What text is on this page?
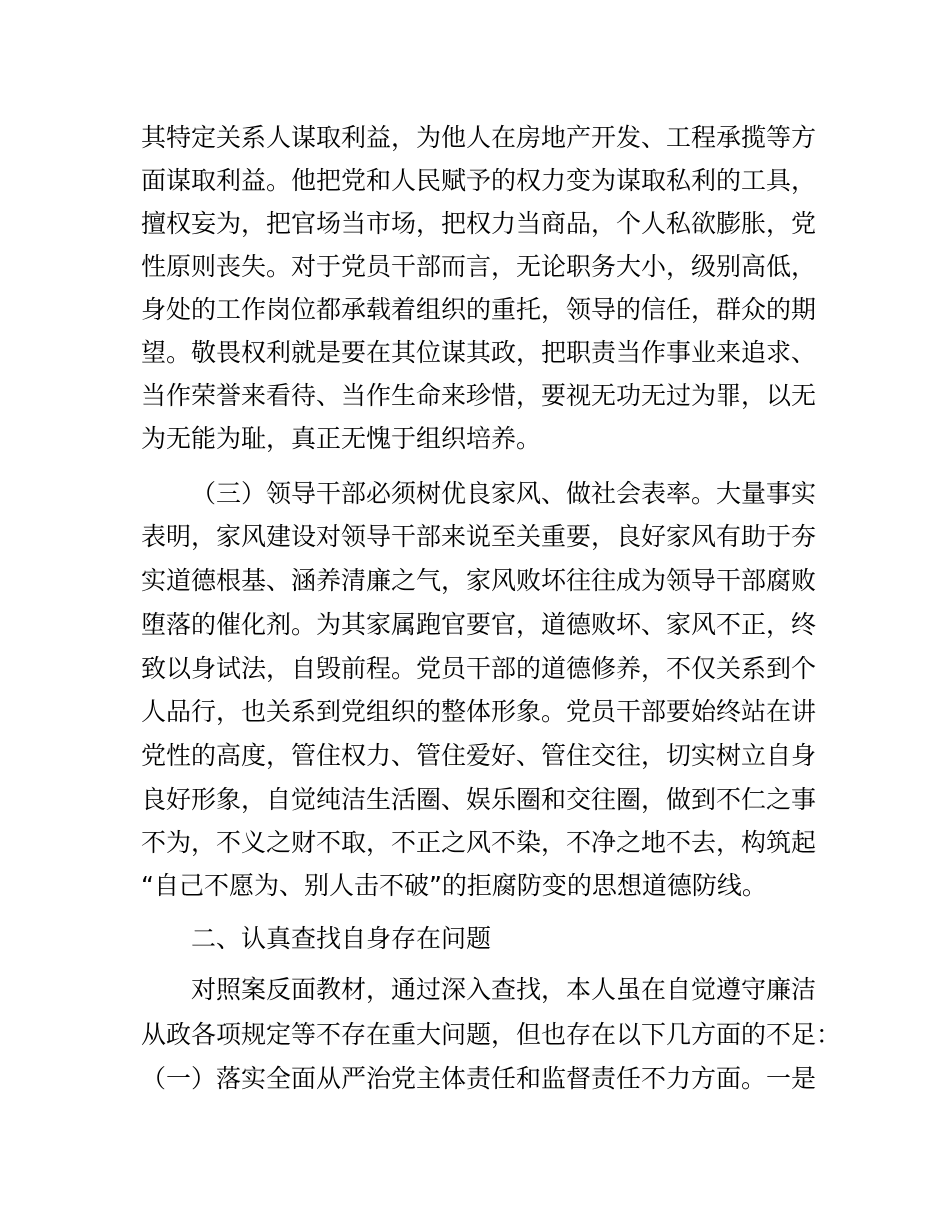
其特定关系人谋取利益，为他人在房地产开发、工程承揽等方
面谋取利益。他把党和人民赋予的权力变为谋取私利的工具，
擅权妄为，把官场当市场，把权力当商品，个人私欲膨胀，党
性原则丧失。对于党员干部而言，无论职务大小，级别高低，
身处的工作岗位都承载着组织的重托，领导的信任，群众的期
望。敬畏权利就是要在其位谋其政，把职责当作事业来追求、
当作荣誉来看待、当作生命来珍惜，要视无功无过为罪，以无
为无能为耻，真正无愧于组织培养。
（三）领导干部必须树优良家风、做社会表率。大量事实
表明，家风建设对领导干部来说至关重要，良好家风有助于夯
实道德根基、涵养清廉之气，家风败坏往往成为领导干部腐败
堕落的催化剂。为其家属跑官要官，道德败坏、家风不正，终
致以身试法，自毁前程。党员干部的道德修养，不仅关系到个
人品行，也关系到党组织的整体形象。党员干部要始终站在讲
党性的高度，管住权力、管住爱好、管住交往，切实树立自身
良好形象，自觉纯洁生活圈、娱乐圈和交往圈，做到不仁之事
不为，不义之财不取，不正之风不染，不净之地不去，构筑起
“自己不愿为、别人击不破”的拒腐防变的思想道德防线。
二、认真查找自身存在问题
对照案反面教材，通过深入查找，本人虽在自觉遵守廉洁
从政各项规定等不存在重大问题，但也存在以下几方面的不足：
（一）落实全面从严治党主体责任和监督责任不力方面。一是
